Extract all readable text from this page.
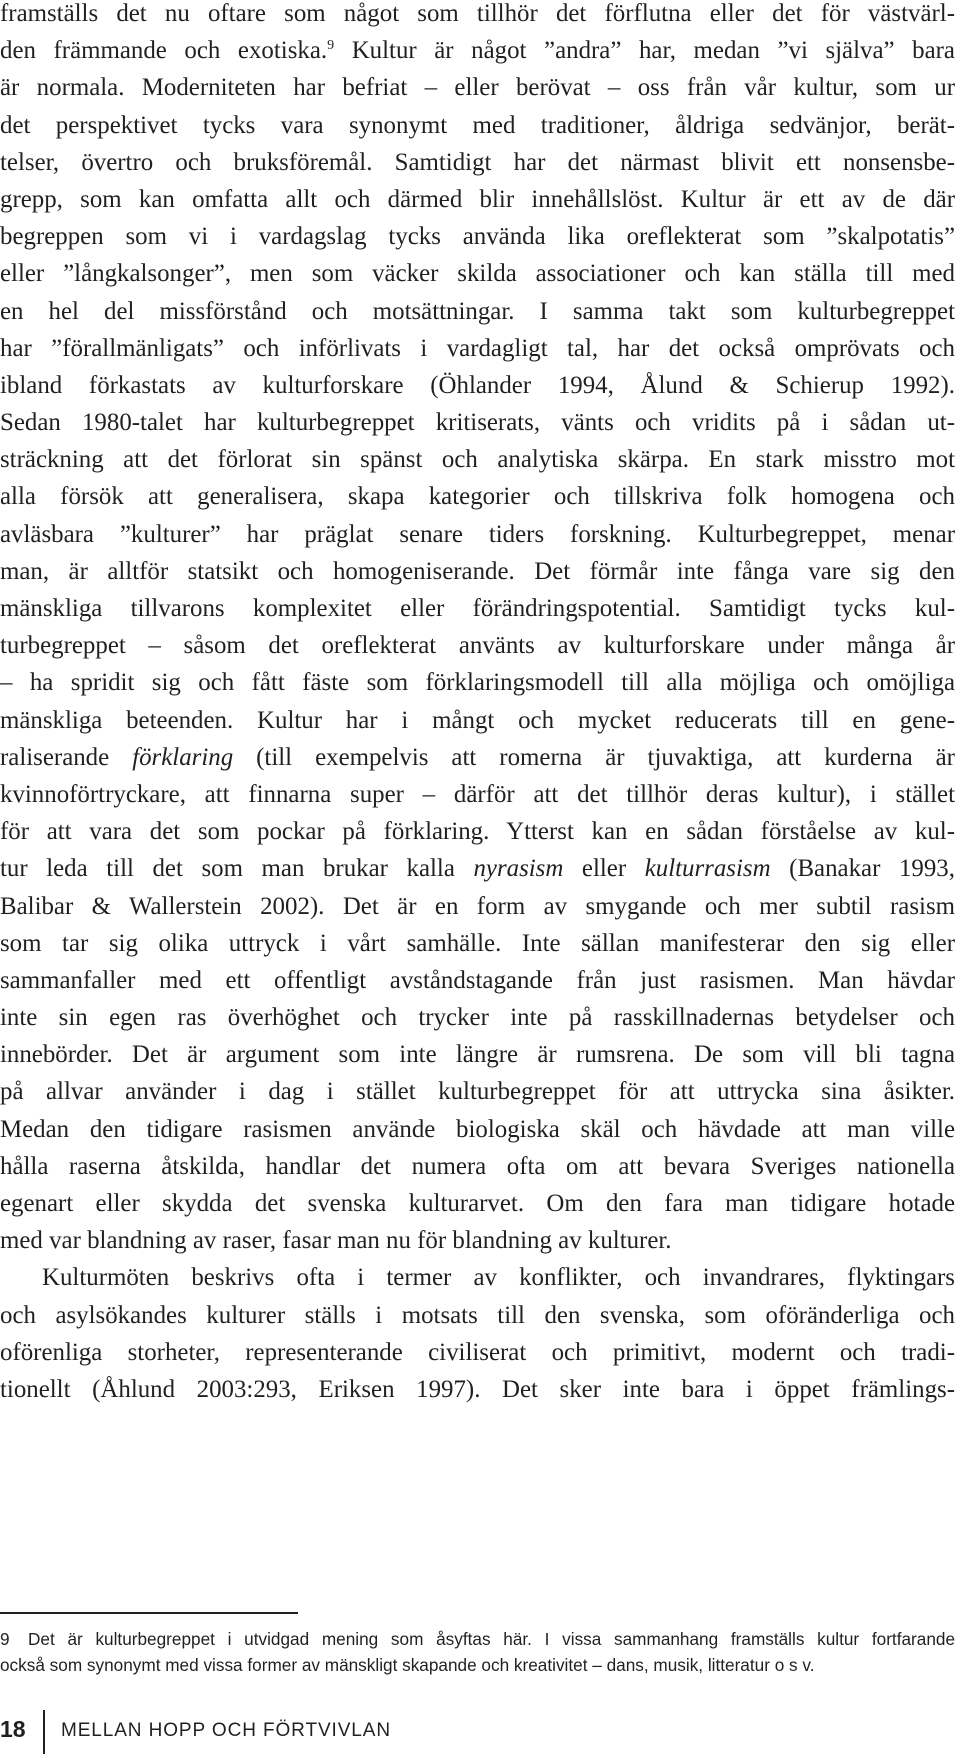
framställs det nu oftare som något som tillhör det förflutna eller det för västvärl-
den främmande och exotiska.$^9$ Kultur är något ”andra” har, medan ”vi själva” bara
är normala. Moderniteten har befriat – eller berövat – oss från vår kultur, som ur
det perspektivet tycks vara synonymt med traditioner, åldriga sedvänjor, berät-
telser, övertro och bruksföremål. Samtidigt har det närmast blivit ett nonsensbe-
grepp, som kan omfatta allt och därmed blir innehållslöst. Kultur är ett av de där
begreppen som vi i vardagslag tycks använda lika oreflekterat som ”skalpotatis”
eller ”långkalsonger”, men som väcker skilda associationer och kan ställa till med
en hel del missförstånd och motsättningar. I samma takt som kulturbegreppet
har ”förallmänligats” och införlivats i vardagligt tal, har det också omprövats och
ibland förkastats av kulturforskare (Öhlander 1994, Ålund & Schierup 1992).
Sedan 1980-talet har kulturbegreppet kritiserats, vänts och vridits på i sådan ut-
sträckning att det förlorat sin spänst och analytiska skärpa. En stark misstro mot
alla försök att generalisera, skapa kategorier och tillskriva folk homogena och
avläsbara ”kulturer” har präglat senare tiders forskning. Kulturbegreppet, menar
man, är alltför statsikt och homogeniserande. Det förmår inte fånga vare sig den
mänskliga tillvarons komplexitet eller förändringspotential. Samtidigt tycks kul-
turbegreppet – såsom det oreflekterat använts av kulturforskare under många år
– ha spridit sig och fått fäste som förklaringsmodell till alla möjliga och omöjliga
mänskliga beteenden. Kultur har i mångt och mycket reducerats till en gene-
raliserande förklaring (till exempelvis att romerna är tjuvaktiga, att kurderna är
kvinnoförtryckare, att finnarna super – därför att det tillhör deras kultur), i stället
för att vara det som pockar på förklaring. Ytterst kan en sådan förståelse av kul-
tur leda till det som man brukar kalla nyrasism eller kulturrasism (Banakar 1993,
Balibar & Wallerstein 2002). Det är en form av smygande och mer subtil rasism
som tar sig olika uttryck i vårt samhälle. Inte sällan manifesterar den sig eller
sammanfaller med ett offentligt avståndstagande från just rasismen. Man hävdar
inte sin egen ras överhöghet och trycker inte på rasskillnadernas betydelser och
innebörder. Det är argument som inte längre är rumsrena. De som vill bli tagna
på allvar använder i dag i stället kulturbegreppet för att uttrycka sina åsikter.
Medan den tidigare rasismen använde biologiska skäl och hävdade att man ville
hålla raserna åtskilda, handlar det numera ofta om att bevara Sveriges nationella
egenart eller skydda det svenska kulturarvet. Om den fara man tidigare hotade
med var blandning av raser, fasar man nu för blandning av kulturer.
Kulturmöten beskrivs ofta i termer av konflikter, och invandrares, flyktingars
och asylsökandes kulturer ställs i motsats till den svenska, som oföränderliga och
oförenliga storheter, representerande civiliserat och primitivt, modernt och tradi-
tionellt (Åhlund 2003:293, Eriksen 1997). Det sker inte bara i öppet främlings-
9 Det är kulturbegreppet i utvidgad mening som åsyftas här. I vissa sammanhang framställs kultur fortfarande
också som synonymt med vissa former av mänskligt skapande och kreativitet – dans, musik, litteratur o s v.
18 MELLAN HOPP OCH FÖRTVIVLAN
